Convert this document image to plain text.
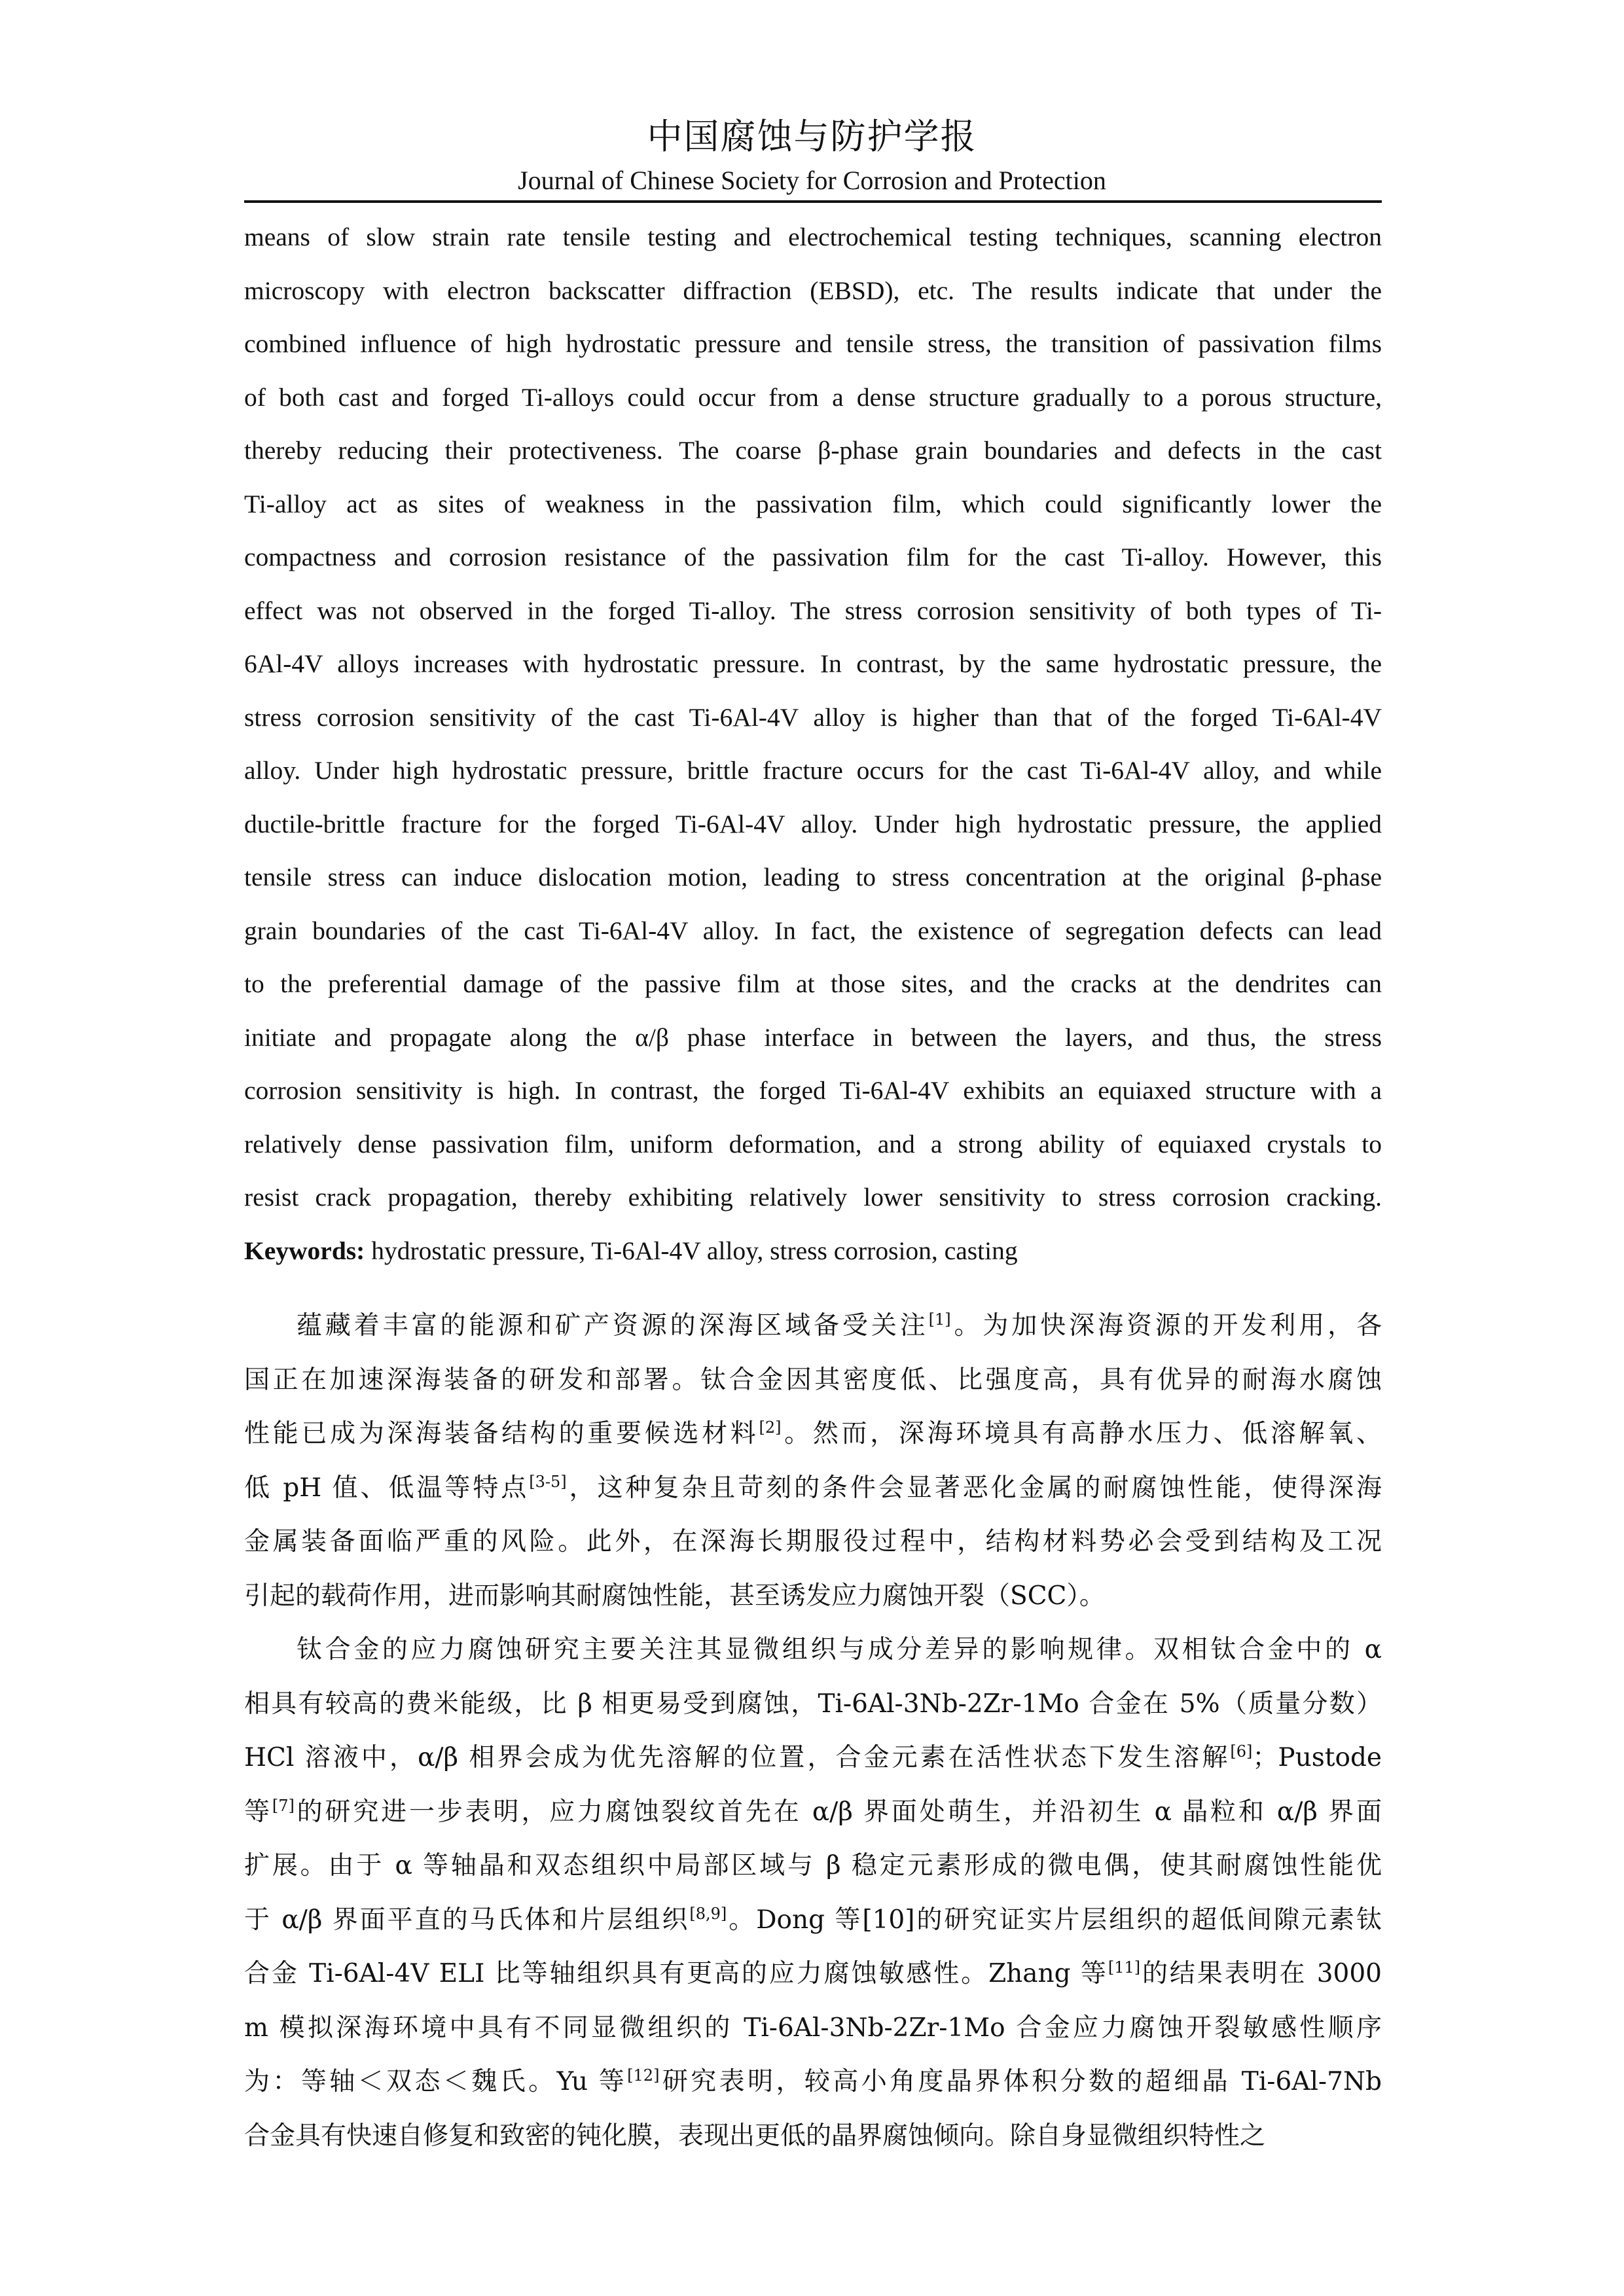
中国腐蚀与防护学报
Journal of Chinese Society for Corrosion and Protection
means of slow strain rate tensile testing and electrochemical testing techniques, scanning electron
microscopy with electron backscatter diffraction (EBSD), etc. The results indicate that under the
combined influence of high hydrostatic pressure and tensile stress, the transition of passivation films
of both cast and forged Ti-alloys could occur from a dense structure gradually to a porous structure,
thereby reducing their protectiveness. The coarse β-phase grain boundaries and defects in the cast
Ti-alloy act as sites of weakness in the passivation film, which could significantly lower the
compactness and corrosion resistance of the passivation film for the cast Ti-alloy. However, this
effect was not observed in the forged Ti-alloy. The stress corrosion sensitivity of both types of Ti-
6Al-4V alloys increases with hydrostatic pressure. In contrast, by the same hydrostatic pressure, the
stress corrosion sensitivity of the cast Ti-6Al-4V alloy is higher than that of the forged Ti-6Al-4V
alloy. Under high hydrostatic pressure, brittle fracture occurs for the cast Ti-6Al-4V alloy, and while
ductile-brittle fracture for the forged Ti-6Al-4V alloy. Under high hydrostatic pressure, the applied
tensile stress can induce dislocation motion, leading to stress concentration at the original β-phase
grain boundaries of the cast Ti-6Al-4V alloy. In fact, the existence of segregation defects can lead
to the preferential damage of the passive film at those sites, and the cracks at the dendrites can
initiate and propagate along the α/β phase interface in between the layers, and thus, the stress
corrosion sensitivity is high. In contrast, the forged Ti-6Al-4V exhibits an equiaxed structure with a
relatively dense passivation film, uniform deformation, and a strong ability of equiaxed crystals to
resist crack propagation, thereby exhibiting relatively lower sensitivity to stress corrosion cracking.
Keywords: hydrostatic pressure, Ti-6Al-4V alloy, stress corrosion, casting
蕴藏着丰富的能源和矿产资源的深海区域备受关注[1]。为加快深海资源的开发利用，各
国正在加速深海装备的研发和部署。钛合金因其密度低、比强度高，具有优异的耐海水腐蚀
性能已成为深海装备结构的重要候选材料[2]。然而，深海环境具有高静水压力、低溶解氧、
低 pH 值、低温等特点[3-5]，这种复杂且苛刻的条件会显著恶化金属的耐腐蚀性能，使得深海
金属装备面临严重的风险。此外，在深海长期服役过程中，结构材料势必会受到结构及工况
引起的载荷作用，进而影响其耐腐蚀性能，甚至诱发应力腐蚀开裂（SCC）。
钛合金的应力腐蚀研究主要关注其显微组织与成分差异的影响规律。双相钛合金中的 α
相具有较高的费米能级，比 β 相更易受到腐蚀，Ti-6Al-3Nb-2Zr-1Mo 合金在 5%（质量分数）
HCl 溶液中，α/β 相界会成为优先溶解的位置，合金元素在活性状态下发生溶解[6]；Pustode
等[7]的研究进一步表明，应力腐蚀裂纹首先在 α/β 界面处萌生，并沿初生 α 晶粒和 α/β 界面
扩展。由于 α 等轴晶和双态组织中局部区域与 β 稳定元素形成的微电偶，使其耐腐蚀性能优
于 α/β 界面平直的马氏体和片层组织[8,9]。Dong 等[10]的研究证实片层组织的超低间隙元素钛
合金 Ti-6Al-4V ELI 比等轴组织具有更高的应力腐蚀敏感性。Zhang 等[11]的结果表明在 3000
m 模拟深海环境中具有不同显微组织的 Ti-6Al-3Nb-2Zr-1Mo 合金应力腐蚀开裂敏感性顺序
为：等轴＜双态＜魏氏。Yu 等[12]研究表明，较高小角度晶界体积分数的超细晶 Ti-6Al-7Nb
合金具有快速自修复和致密的钝化膜，表现出更低的晶界腐蚀倾向。除自身显微组织特性之
